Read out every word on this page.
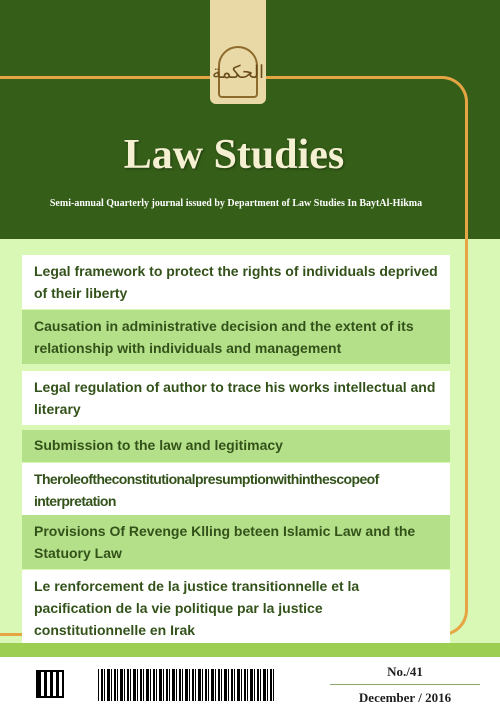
الحكمة
Law Studies
Semi-annual Quarterly journal issued by Department of Law Studies In BaytAl-Hikma
Legal framework to protect the rights of individuals deprived of their liberty
Causation in administrative decision and the extent of its relationship with individuals and management
Legal regulation of author to trace his works intellectual and literary
Submission to the law and legitimacy
Theroleoftheconstitutionalpresumptionwithinthescopeof interpretation
Provisions Of Revenge Klling beteen Islamic Law and the Statuory Law
Le renforcement de la justice transitionnelle et la pacification de la vie politique par la justice constitutionnelle en Irak
No./41
December / 2016
